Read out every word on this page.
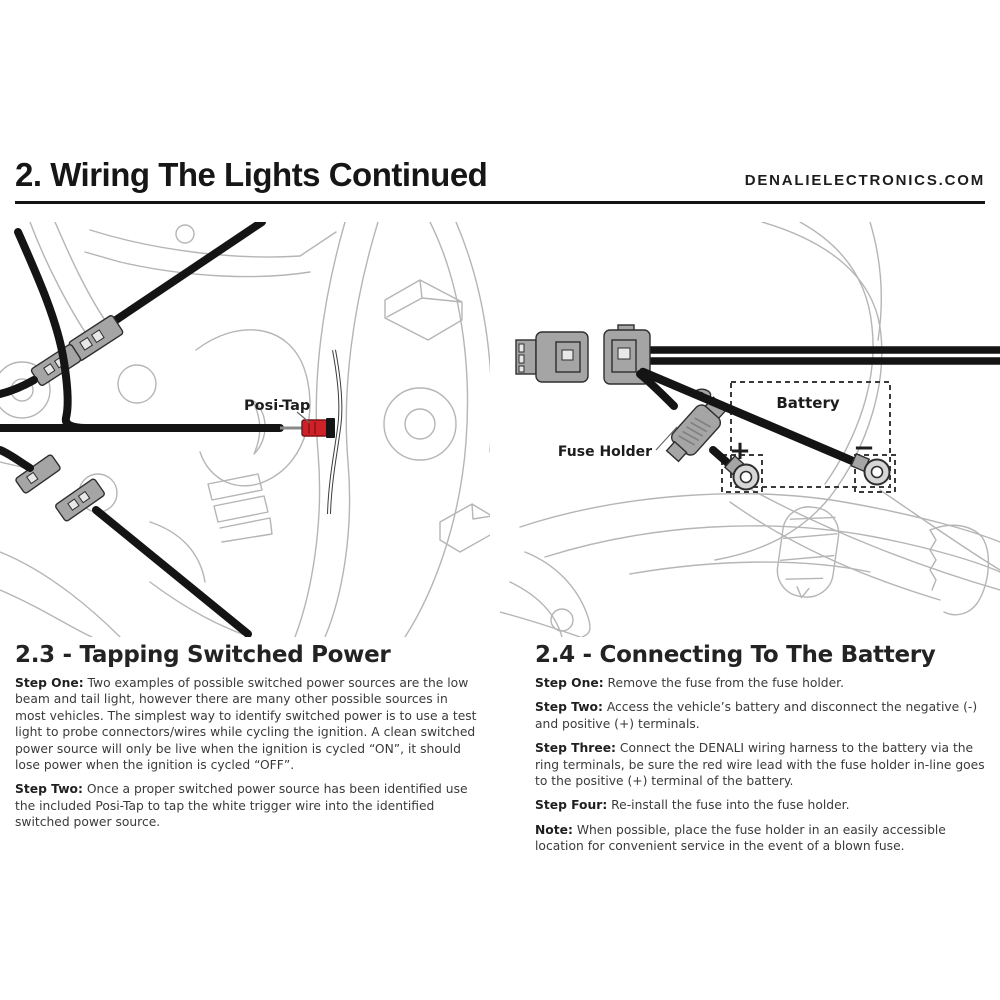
2. Wiring The Lights Continued	DENALIELECTRONICS.COM
Posi-Tap	Battery
+	−
Fuse Holder
2.3 - Tapping Switched Power

Step One: Two examples of possible switched power sources are the low beam and tail light, however there are many other possible sources in most vehicles. The simplest way to identify switched power is to use a test light to probe connectors/wires while cycling the ignition. A clean switched power source will only be live when the ignition is cycled “ON”, it should lose power when the ignition is cycled “OFF”.

Step Two: Once a proper switched power source has been identified use the included Posi-Tap to tap the white trigger wire into the identified switched power source.

2.4 - Connecting To The Battery

Step One: Remove the fuse from the fuse holder.

Step Two: Access the vehicle’s battery and disconnect the negative (-) and positive (+) terminals.

Step Three: Connect the DENALI wiring harness to the battery via the ring terminals, be sure the red wire lead with the fuse holder in-line goes to the positive (+) terminal of the battery.

Step Four: Re-install the fuse into the fuse holder.

Note: When possible, place the fuse holder in an easily accessible location for convenient service in the event of a blown fuse.
